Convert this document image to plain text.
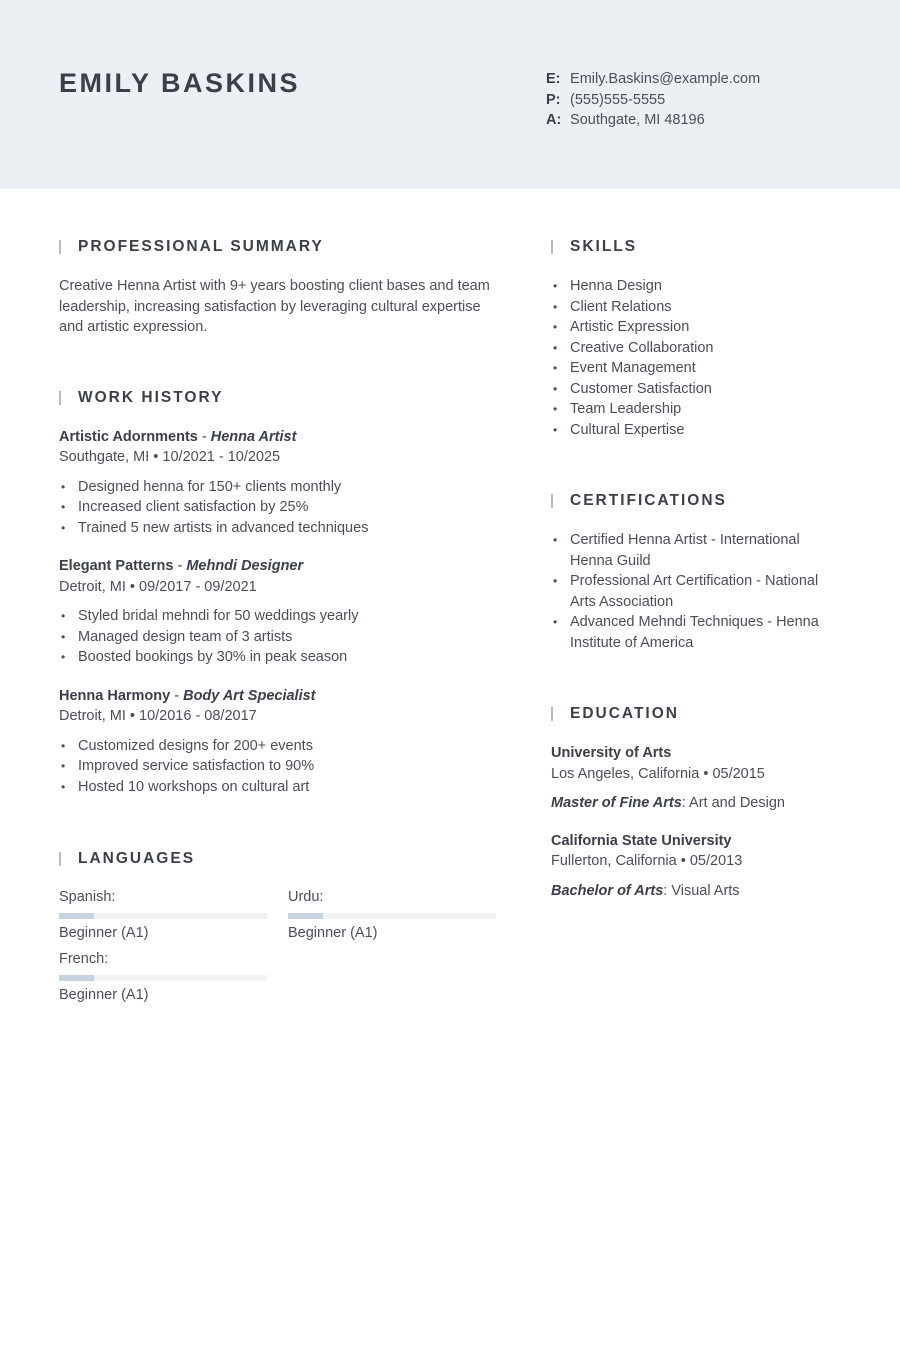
EMILY BASKINS	E: Emily.Baskins@example.com
P: (555)555-5555
A: Southgate, MI 48196
PROFESSIONAL SUMMARY
Creative Henna Artist with 9+ years boosting client bases and team leadership, increasing satisfaction by leveraging cultural expertise and artistic expression.
WORK HISTORY
Artistic Adornments - Henna Artist
Southgate, MI • 10/2021 - 10/2025
• Designed henna for 150+ clients monthly
• Increased client satisfaction by 25%
• Trained 5 new artists in advanced techniques
Elegant Patterns - Mehndi Designer
Detroit, MI • 09/2017 - 09/2021
• Styled bridal mehndi for 50 weddings yearly
• Managed design team of 3 artists
• Boosted bookings by 30% in peak season
Henna Harmony - Body Art Specialist
Detroit, MI • 10/2016 - 08/2017
• Customized designs for 200+ events
• Improved service satisfaction to 90%
• Hosted 10 workshops on cultural art
LANGUAGES
Spanish:
Beginner (A1)
Urdu:
Beginner (A1)
French:
Beginner (A1)
SKILLS
• Henna Design
• Client Relations
• Artistic Expression
• Creative Collaboration
• Event Management
• Customer Satisfaction
• Team Leadership
• Cultural Expertise
CERTIFICATIONS
• Certified Henna Artist - International Henna Guild
• Professional Art Certification - National Arts Association
• Advanced Mehndi Techniques - Henna Institute of America
EDUCATION
University of Arts
Los Angeles, California • 05/2015
Master of Fine Arts: Art and Design
California State University
Fullerton, California • 05/2013
Bachelor of Arts: Visual Arts
